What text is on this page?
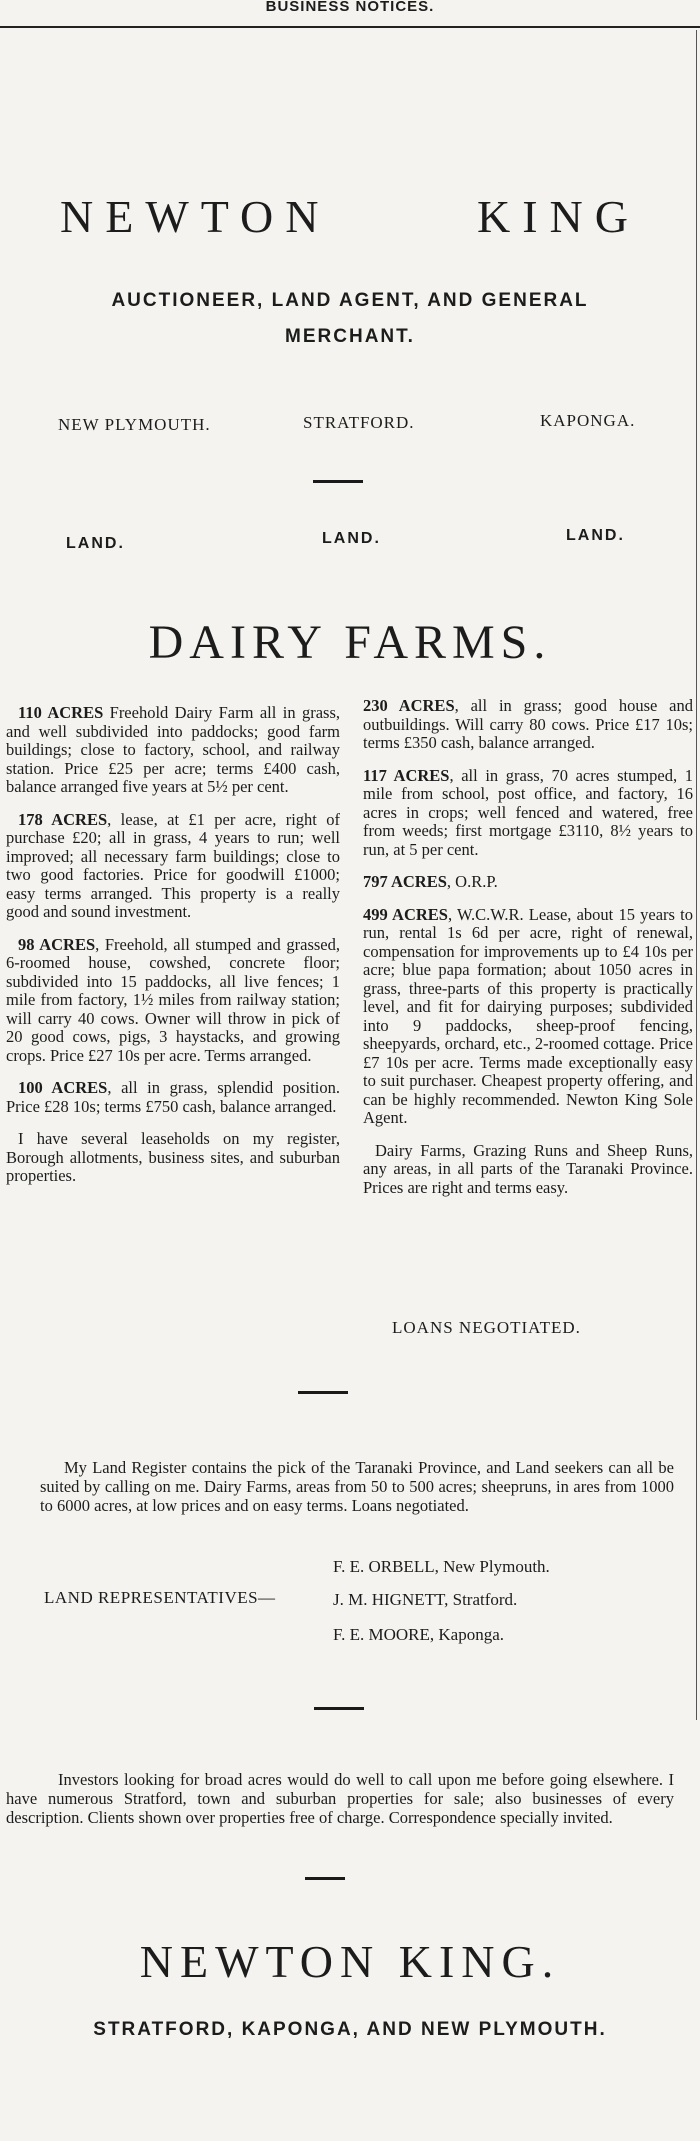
BUSINESS NOTICES.
NEWTON	KING
AUCTIONEER, LAND AGENT, AND GENERAL
MERCHANT.
NEW PLYMOUTH.	STRATFORD.	KAPONGA.
LAND.	LAND.	LAND.
DAIRY FARMS.

110 ACRES Freehold Dairy Farm all in grass, and well subdivided into paddocks; good farm buildings; close to factory, school, and railway station. Price £25 per acre; terms £400 cash, balance arranged five years at 5½ per cent.

178 ACRES, lease, at £1 per acre, right of purchase £20; all in grass, 4 years to run; well improved; all necessary farm buildings; close to two good factories. Price for goodwill £1000; easy terms arranged. This property is a really good and sound investment.

98 ACRES, Freehold, all stumped and grassed, 6-roomed house, cowshed, concrete floor; subdivided into 15 paddocks, all live fences; 1 mile from factory, 1½ miles from railway station; will carry 40 cows. Owner will throw in pick of 20 good cows, pigs, 3 haystacks, and growing crops. Price £27 10s per acre. Terms arranged.

100 ACRES, all in grass, splendid position. Price £28 10s; terms £750 cash, balance arranged.

I have several leaseholds on my register, Borough allotments, business sites, and suburban properties.

230 ACRES, all in grass; good house and outbuildings. Will carry 80 cows. Price £17 10s; terms £350 cash, balance arranged.

117 ACRES, all in grass, 70 acres stumped, 1 mile from school, post office, and factory, 16 acres in crops; well fenced and watered, free from weeds; first mortgage £3110, 8½ years to run, at 5 per cent.

797 ACRES, O.R.P.

499 ACRES, W.C.W.R. Lease, about 15 years to run, rental 1s 6d per acre, right of renewal, compensation for improvements up to £4 10s per acre; blue papa formation; about 1050 acres in grass, three-parts of this property is practically level, and fit for dairying purposes; subdivided into 9 paddocks, sheep-proof fencing, sheepyards, orchard, etc., 2-roomed cottage. Price £7 10s per acre. Terms made exceptionally easy to suit purchaser. Cheapest property offering, and can be highly recommended. Newton King Sole Agent.

Dairy Farms, Grazing Runs and Sheep Runs, any areas, in all parts of the Taranaki Province. Prices are right and terms easy.

LOANS NEGOTIATED.
My Land Register contains the pick of the Taranaki Province, and Land seekers can all be suited by calling on me. Dairy Farms, areas from 50 to 500 acres; sheepruns, in ares from 1000 to 6000 acres, at low prices and on easy terms. Loans negotiated.
LAND REPRESENTATIVES—
F. E. ORBELL, New Plymouth.
J. M. HIGNETT, Stratford.
F. E. MOORE, Kaponga.
Investors looking for broad acres would do well to call upon me before going elsewhere. I have numerous Stratford, town and suburban properties for sale; also businesses of every description. Clients shown over properties free of charge. Correspondence specially invited.
NEWTON KING.
STRATFORD, KAPONGA, AND NEW PLYMOUTH.
